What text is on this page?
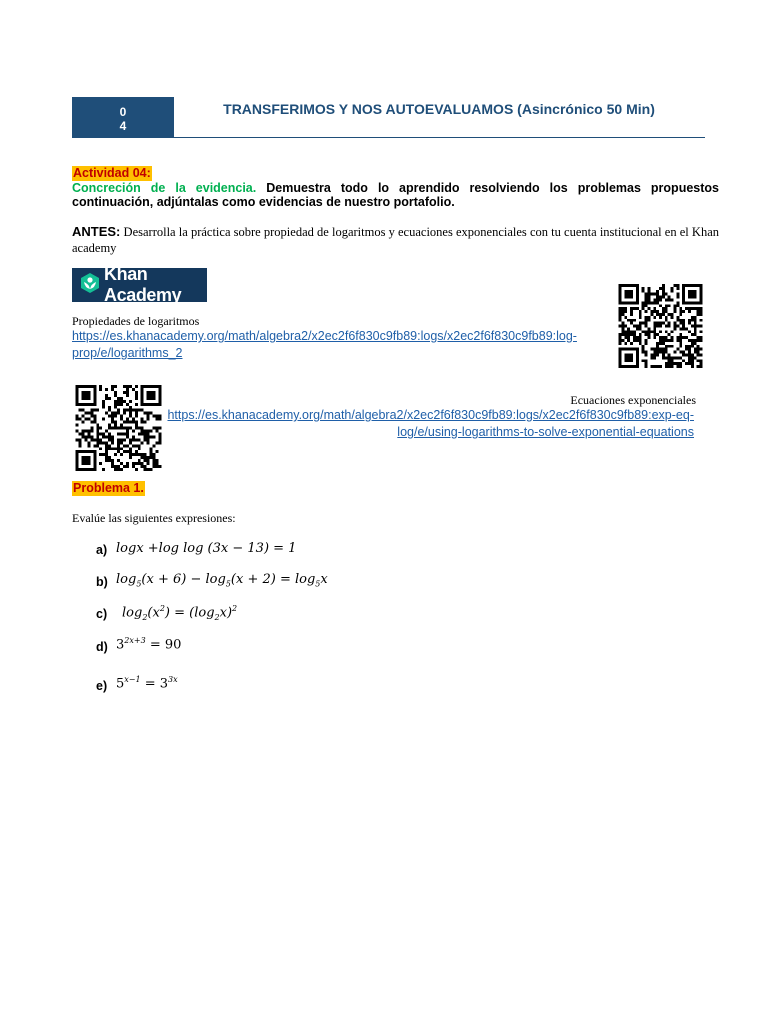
0
4
TRANSFERIMOS Y NOS AUTOEVALUAMOS (Asincrónico 50 Min)
Actividad 04:
Concreción de la evidencia. Demuestra todo lo aprendido resolviendo los problemas propuestos continuación, adjúntalas como evidencias de nuestro portafolio.
ANTES: Desarrolla la práctica sobre propiedad de logaritmos y ecuaciones exponenciales con tu cuenta institucional en el Khan academy
Khan Academy
Propiedades de logaritmos
https://es.khanacademy.org/math/algebra2/x2ec2f6f830c9fb89:logs/x2ec2f6f830c9fb89:log-prop/e/logarithms_2
Ecuaciones exponenciales
https://es.khanacademy.org/math/algebra2/x2ec2f6f830c9fb89:logs/x2ec2f6f830c9fb89:exp-eq-log/e/using-logarithms-to-solve-exponential-equations
Problema 1.
Evalúe las siguientes expresiones:
a) logx +log log (3x − 13) = 1
b) $\log_5(x + 6) - \log_5(x + 2) = \log_5x$
c) $\log_2(x^2) = (\log_2x)^2$
d) $3^{2x+3} = 90$
e) $5^{x-1} = 3^{3x}$
